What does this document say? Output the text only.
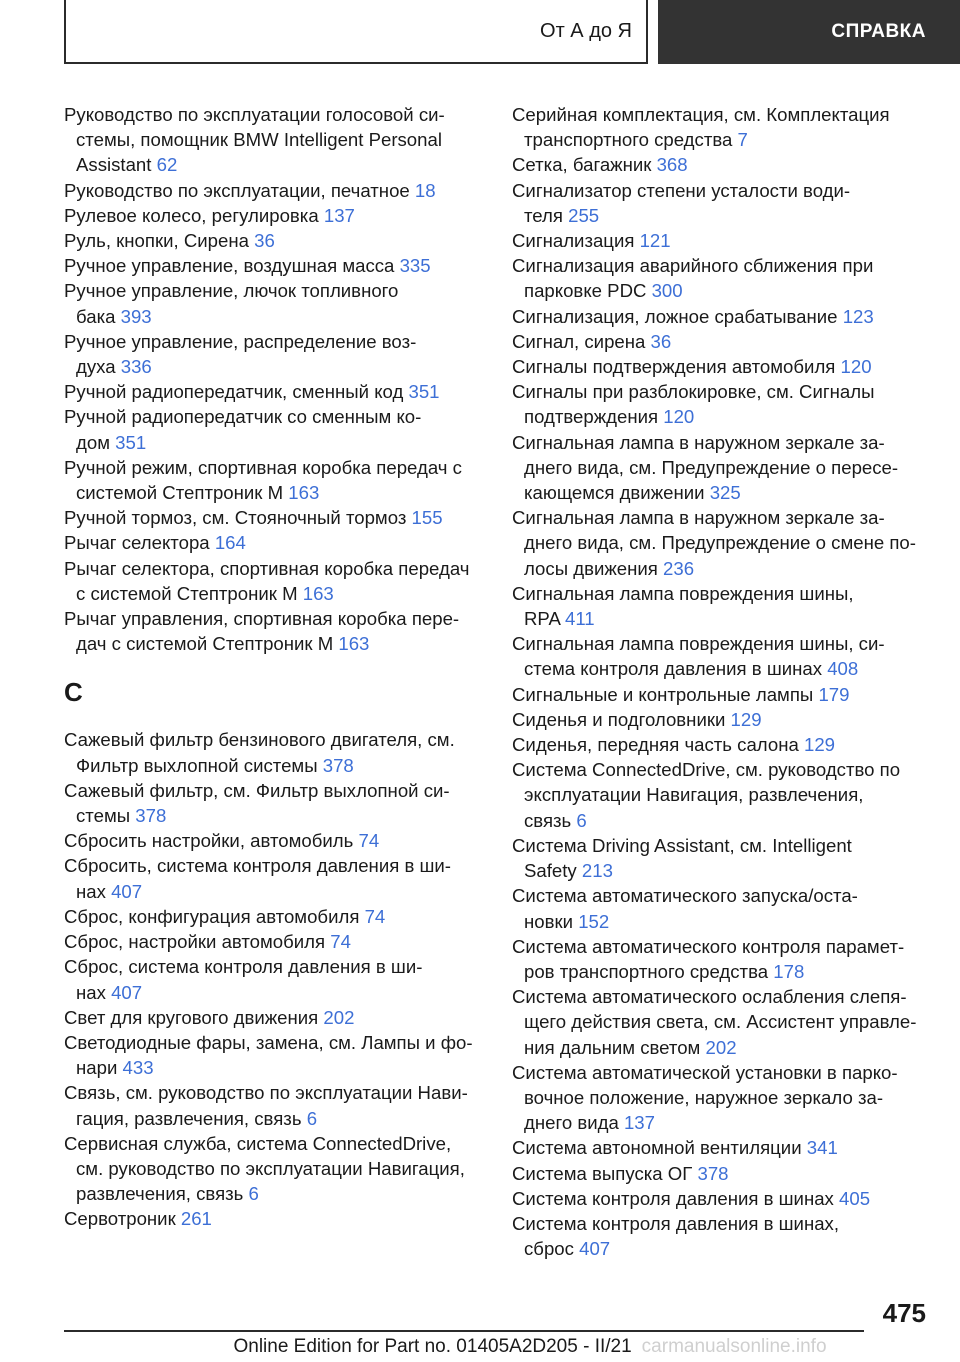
От А до Я	СПРАВКА

Руководство по эксплуатации голосовой си-
стемы, помощник BMW Intelligent Personal
Assistant 62

Руководство по эксплуатации, печатное 18

Рулевое колесо, регулировка 137

Руль, кнопки, Сирена 36

Ручное управление, воздушная масса 335

Ручное управление, лючок топливного
бака 393

Ручное управление, распределение воз-
духа 336

Ручной радиопередатчик, сменный код 351

Ручной радиопередатчик со сменным ко-
дом 351

Ручной режим, спортивная коробка передач с
системой Стептроник М 163

Ручной тормоз, см. Стояночный тормоз 155

Рычаг селектора 164

Рычаг селектора, спортивная коробка передач
с системой Стептроник М 163

Рычаг управления, спортивная коробка пере-
дач с системой Стептроник М 163

С

Сажевый фильтр бензинового двигателя, см.
Фильтр выхлопной системы 378

Сажевый фильтр, см. Фильтр выхлопной си-
стемы 378

Сбросить настройки, автомобиль 74

Сбросить, система контроля давления в ши-
нах 407

Сброс, конфигурация автомобиля 74

Сброс, настройки автомобиля 74

Сброс, система контроля давления в ши-
нах 407

Свет для кругового движения 202

Светодиодные фары, замена, см. Лампы и фо-
нари 433

Связь, см. руководство по эксплуатации Нави-
гация, развлечения, связь 6

Сервисная служба, система ConnectedDrive,
см. руководство по эксплуатации Навигация,
развлечения, связь 6

Сервотроник 261

Серийная комплектация, см. Комплектация
транспортного средства 7

Сетка, багажник 368

Сигнализатор степени усталости води-
теля 255

Сигнализация 121

Сигнализация аварийного сближения при
парковке PDC 300

Сигнализация, ложное срабатывание 123

Сигнал, сирена 36

Сигналы подтверждения автомобиля 120

Сигналы при разблокировке, см. Сигналы
подтверждения 120

Сигнальная лампа в наружном зеркале за-
днего вида, см. Предупреждение о пересе-
кающемся движении 325

Сигнальная лампа в наружном зеркале за-
днего вида, см. Предупреждение о смене по-
лосы движения 236

Сигнальная лампа повреждения шины,
RPA 411

Сигнальная лампа повреждения шины, си-
стема контроля давления в шинах 408

Сигнальные и контрольные лампы 179

Сиденья и подголовники 129

Сиденья, передняя часть салона 129

Система ConnectedDrive, см. руководство по
эксплуатации Навигация, развлечения,
связь 6

Система Driving Assistant, см. Intelligent
Safety 213

Система автоматического запуска/оста-
новки 152

Система автоматического контроля парамет-
ров транспортного средства 178

Система автоматического ослабления слепя-
щего действия света, см. Ассистент управле-
ния дальним светом 202

Система автоматической установки в парко-
вочное положение, наружное зеркало за-
днего вида 137

Система автономной вентиляции 341

Система выпуска ОГ 378

Система контроля давления в шинах 405

Система контроля давления в шинах,
сброс 407

475
Online Edition for Part no. 01405A2D205 - II/21 carmanualsonline.info
